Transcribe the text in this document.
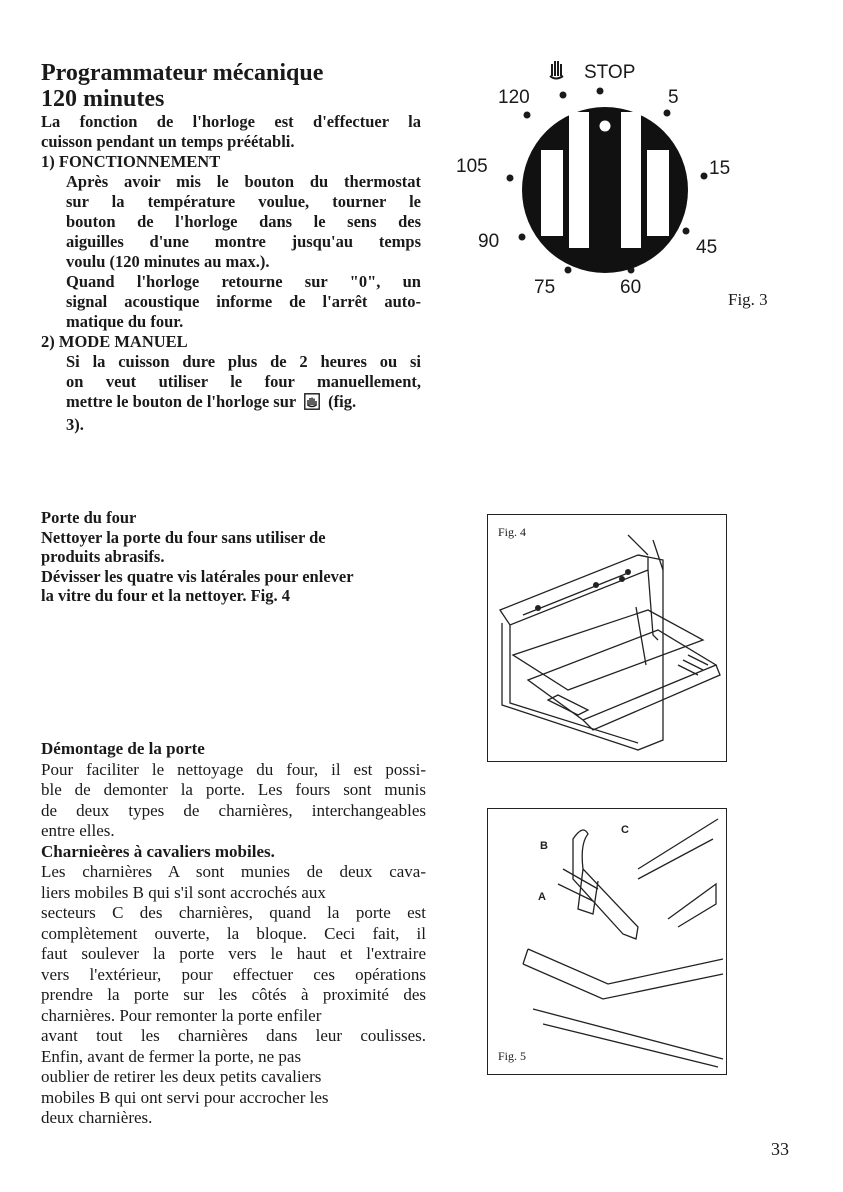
Programmateur mécanique
120 minutes
La fonction de l'horloge est d'effectuer la
cuisson pendant un temps préétabli.
1) FONCTIONNEMENT
Après avoir mis le bouton du thermostat
sur la température voulue, tourner le
bouton de l'horloge dans le sens des
aiguilles d'une montre jusqu'au temps
voulu (120 minutes au max.).
Quand l'horloge retourne sur "0", un
signal acoustique informe de l'arrêt auto-
matique du four.
2) MODE MANUEL
Si la cuisson dure plus de 2 heures ou si
on veut utiliser le four manuellement,
mettre le bouton de l'horloge sur (fig.
3).
STOP
120	5
105	15
90	45
75	60
Fig. 3
Porte du four
Nettoyer la porte du four sans utiliser de
produits abrasifs.
Dévisser les quatre vis latérales pour enlever
la vitre du four et la nettoyer. Fig. 4
Fig. 4
Fig. 5
B
C
A
Démontage de la porte
Pour faciliter le nettoyage du four, il est possi-
ble de demonter la porte. Les fours sont munis
de deux types de charnières, interchangeables
entre elles.
Charnieères à cavaliers mobiles.
Les charnières A sont munies de deux cava-
liers mobiles B qui s'il sont accrochés aux
secteurs C des charnières, quand la porte est
complètement ouverte, la bloque. Ceci fait, il
faut soulever la porte vers le haut et l'extraire
vers l'extérieur, pour effectuer ces opérations
prendre la porte sur les côtés à proximité des
charnières. Pour remonter la porte enfiler
avant tout les charnières dans leur coulisses.
Enfin, avant de fermer la porte, ne pas
oublier de retirer les deux petits cavaliers
mobiles B qui ont servi pour accrocher les
deux charnières.
33
